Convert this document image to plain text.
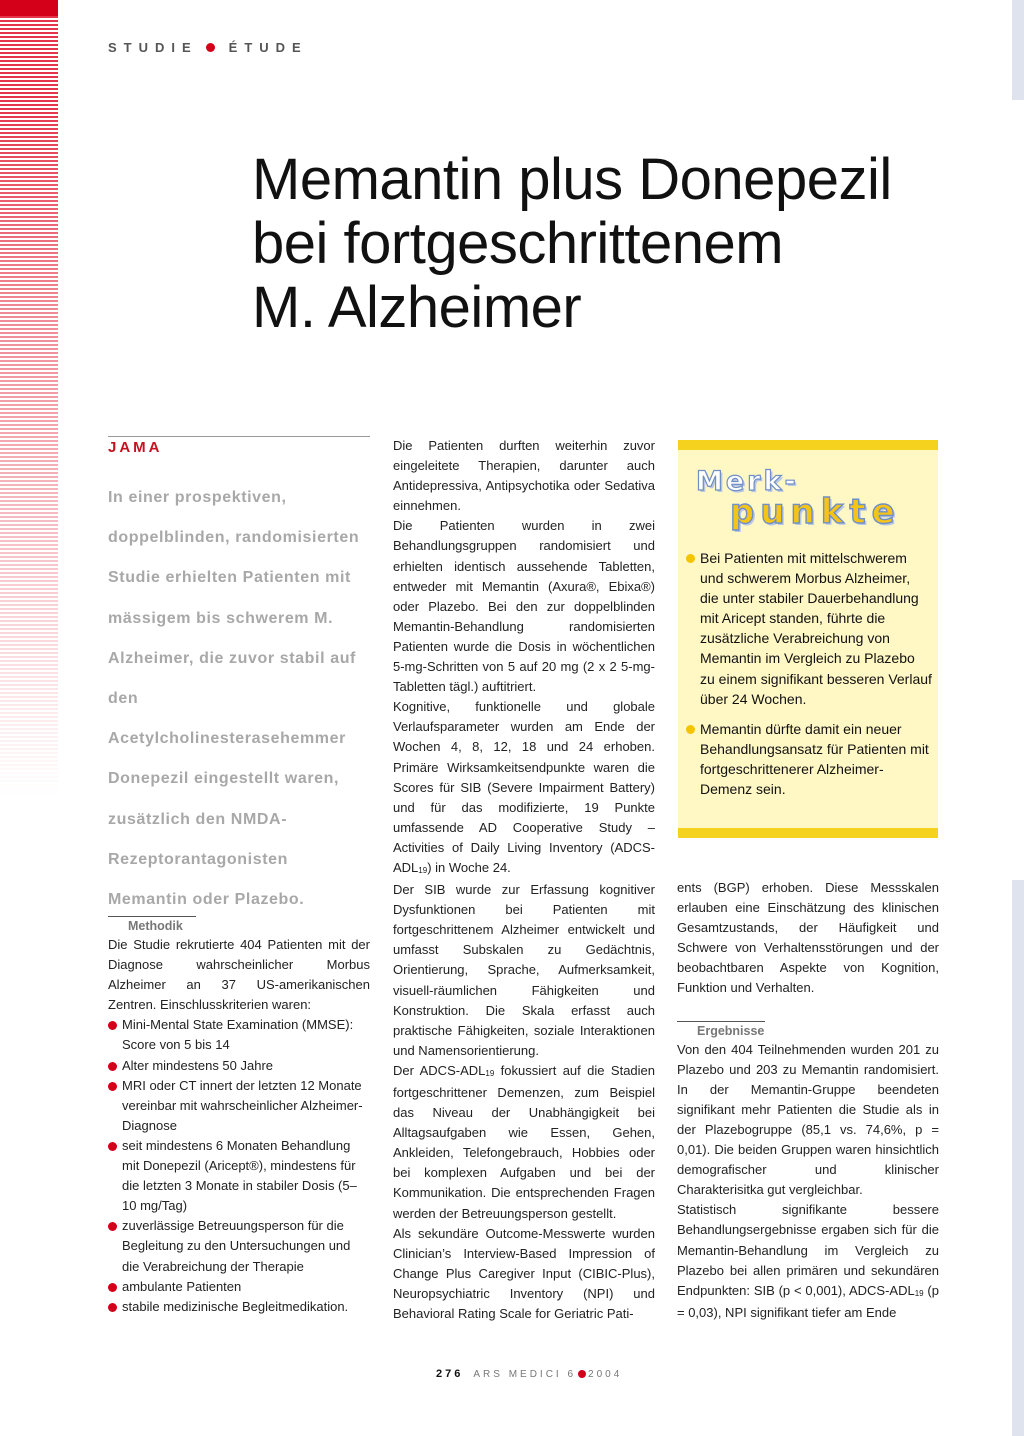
STUDIE ÉTUDE
Memantin plus Donepezil
bei fortgeschrittenem
M. Alzheimer
JAMA
In einer prospektiven, doppelblinden, randomisierten Studie erhielten Patienten mit mässigem bis schwerem M. Alzheimer, die zuvor stabil auf den Acetylcholinesterasehemmer Donepezil eingestellt waren, zusätzlich den NMDA-Rezeptorantagonisten Memantin oder Plazebo.
Methodik
Die Studie rekrutierte 404 Patienten mit der Diagnose wahrscheinlicher Morbus Alzheimer an 37 US-amerikanischen Zentren. Einschlusskriterien waren:
Mini-Mental State Examination (MMSE): Score von 5 bis 14
Alter mindestens 50 Jahre
MRI oder CT innert der letzten 12 Monate vereinbar mit wahrscheinlicher Alzheimer-Diagnose
seit mindestens 6 Monaten Behandlung mit Donepezil (Aricept®), mindestens für die letzten 3 Monate in stabiler Dosis (5–10 mg/Tag)
zuverlässige Betreuungsperson für die Begleitung zu den Untersuchungen und die Verabreichung der Therapie
ambulante Patienten
stabile medizinische Begleitmedikation.

Die Patienten durften weiterhin zuvor eingeleitete Therapien, darunter auch Antidepressiva, Antipsychotika oder Sedativa einnehmen.

Die Patienten wurden in zwei Behandlungsgruppen randomisiert und erhielten identisch aussehende Tabletten, entweder mit Memantin (Axura®, Ebixa®) oder Plazebo. Bei den zur doppelblinden Memantin-Behandlung randomisierten Patienten wurde die Dosis in wöchentlichen 5-mg-Schritten von 5 auf 20 mg (2 x 2 5-mg-Tabletten tägl.) auftitriert.

Kognitive, funktionelle und globale Verlaufsparameter wurden am Ende der Wochen 4, 8, 12, 18 und 24 erhoben. Primäre Wirksamkeitsendpunkte waren die Scores für SIB (Severe Impairment Battery) und für das modifizierte, 19 Punkte umfassende AD Cooperative Study – Activities of Daily Living Inventory $(ADCS-ADL_{19})$ in Woche 24.

Der SIB wurde zur Erfassung kognitiver Dysfunktionen bei Patienten mit fortgeschrittenem Alzheimer entwickelt und umfasst Subskalen zu Gedächtnis, Orientierung, Sprache, Aufmerksamkeit, visuell-räumlichen Fähigkeiten und Konstruktion. Die Skala erfasst auch praktische Fähigkeiten, soziale Interaktionen und Namensorientierung.

Der ADCS-$ADL_{19}$ fokussiert auf die Stadien fortgeschrittener Demenzen, zum Beispiel das Niveau der Unabhängigkeit bei Alltagsaufgaben wie Essen, Gehen, Ankleiden, Telefongebrauch, Hobbies oder bei komplexen Aufgaben und bei der Kommunikation. Die entsprechenden Fragen werden der Betreuungsperson gestellt.

Als sekundäre Outcome-Messwerte wurden Clinician’s Interview-Based Impression of Change Plus Caregiver Input (CIBIC-Plus), Neuropsychiatric Inventory (NPI) und Behavioral Rating Scale for Geriatric Pati-

Merk-
punkte
Bei Patienten mit mittelschwerem und schwerem Morbus Alzheimer, die unter stabiler Dauerbehandlung mit Aricept standen, führte die zusätzliche Verabreichung von Memantin im Vergleich zu Plazebo zu einem signifikant besseren Verlauf über 24 Wochen.
Memantin dürfte damit ein neuer Behandlungsansatz für Patienten mit fortgeschrittenerer Alzheimer-Demenz sein.

ents (BGP) erhoben. Diese Messskalen erlauben eine Einschätzung des klinischen Gesamtzustands, der Häufigkeit und Schwere von Verhaltensstörungen und der beobachtbaren Aspekte von Kognition, Funktion und Verhalten.

Ergebnisse

Von den 404 Teilnehmenden wurden 201 zu Plazebo und 203 zu Memantin randomisiert. In der Memantin-Gruppe beendeten signifikant mehr Patienten die Studie als in der Plazebogruppe (85,1 vs. 74,6%, p = 0,01). Die beiden Gruppen waren hinsichtlich demografischer und klinischer Charakterisitka gut vergleichbar.

Statistisch signifikante bessere Behandlungsergebnisse ergaben sich für die Memantin-Behandlung im Vergleich zu Plazebo bei allen primären und sekundären Endpunkten: SIB (p < 0,001), ADCS-$ADL_{19}$ (p = 0,03), NPI signifikant tiefer am Ende

276 ARS MEDICI 6 2004
